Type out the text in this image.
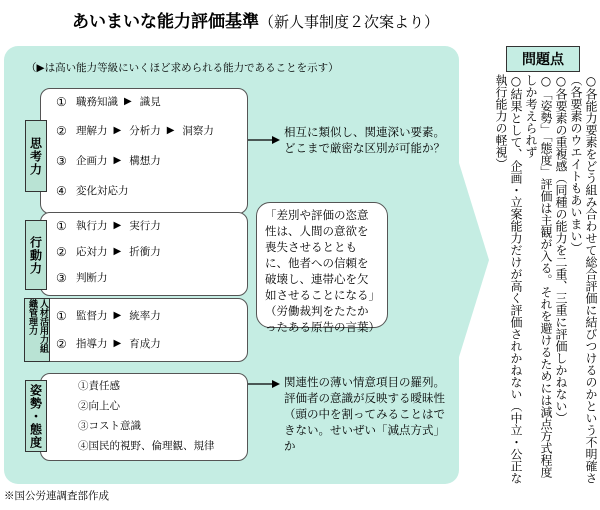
あいまいな能力評価基準（新人事制度２次案より）
（▶は高い能力等級にいくほど求められる能力であることを示す）
思考力
① 職務知識 ▶ 識見
② 理解力 ▶ 分析力 ▶ 洞察力
③ 企画力 ▶ 構想力
④ 変化対応力
行動力
① 執行力 ▶ 実行力
② 応対力 ▶ 折衝力
③ 判断力
人材活用力組織管理力	① 監督力 ▶ 統率力
② 指導力 ▶ 育成力
姿勢・態度	①責任感
②向上心
③コスト意識
④国民的視野、倫理観、規律
相互に類似し、関連深い要素。どこまで厳密な区別が可能か？
「差別や評価の恣意性は、人間の意欲を喪失させるとともに、他者への信頼を破壊し、連帯心を欠如させることになる」（労働裁判をたたかったある原告の言葉）
関連性の薄い情意項目の羅列。評価者の意識が反映する曖昧性（頭の中を割ってみることはできない。せいぜい「減点方式」か
問題点
○各能力要素をどう組み合わせて総合評価に結びつけるのかという不明確さ（各要素のウエイトもあいまい）
○各要素の重複感（同種の能力を二重、三重に評価しかねない）
○「姿勢」「態度」評価は主観が入る。それを避けるためには減点方式程度しか考えられず
○結果として、企画・立案能力だけが高く評価されかねない（中立・公正な執行能力の軽視）
※国公労連調査部作成
